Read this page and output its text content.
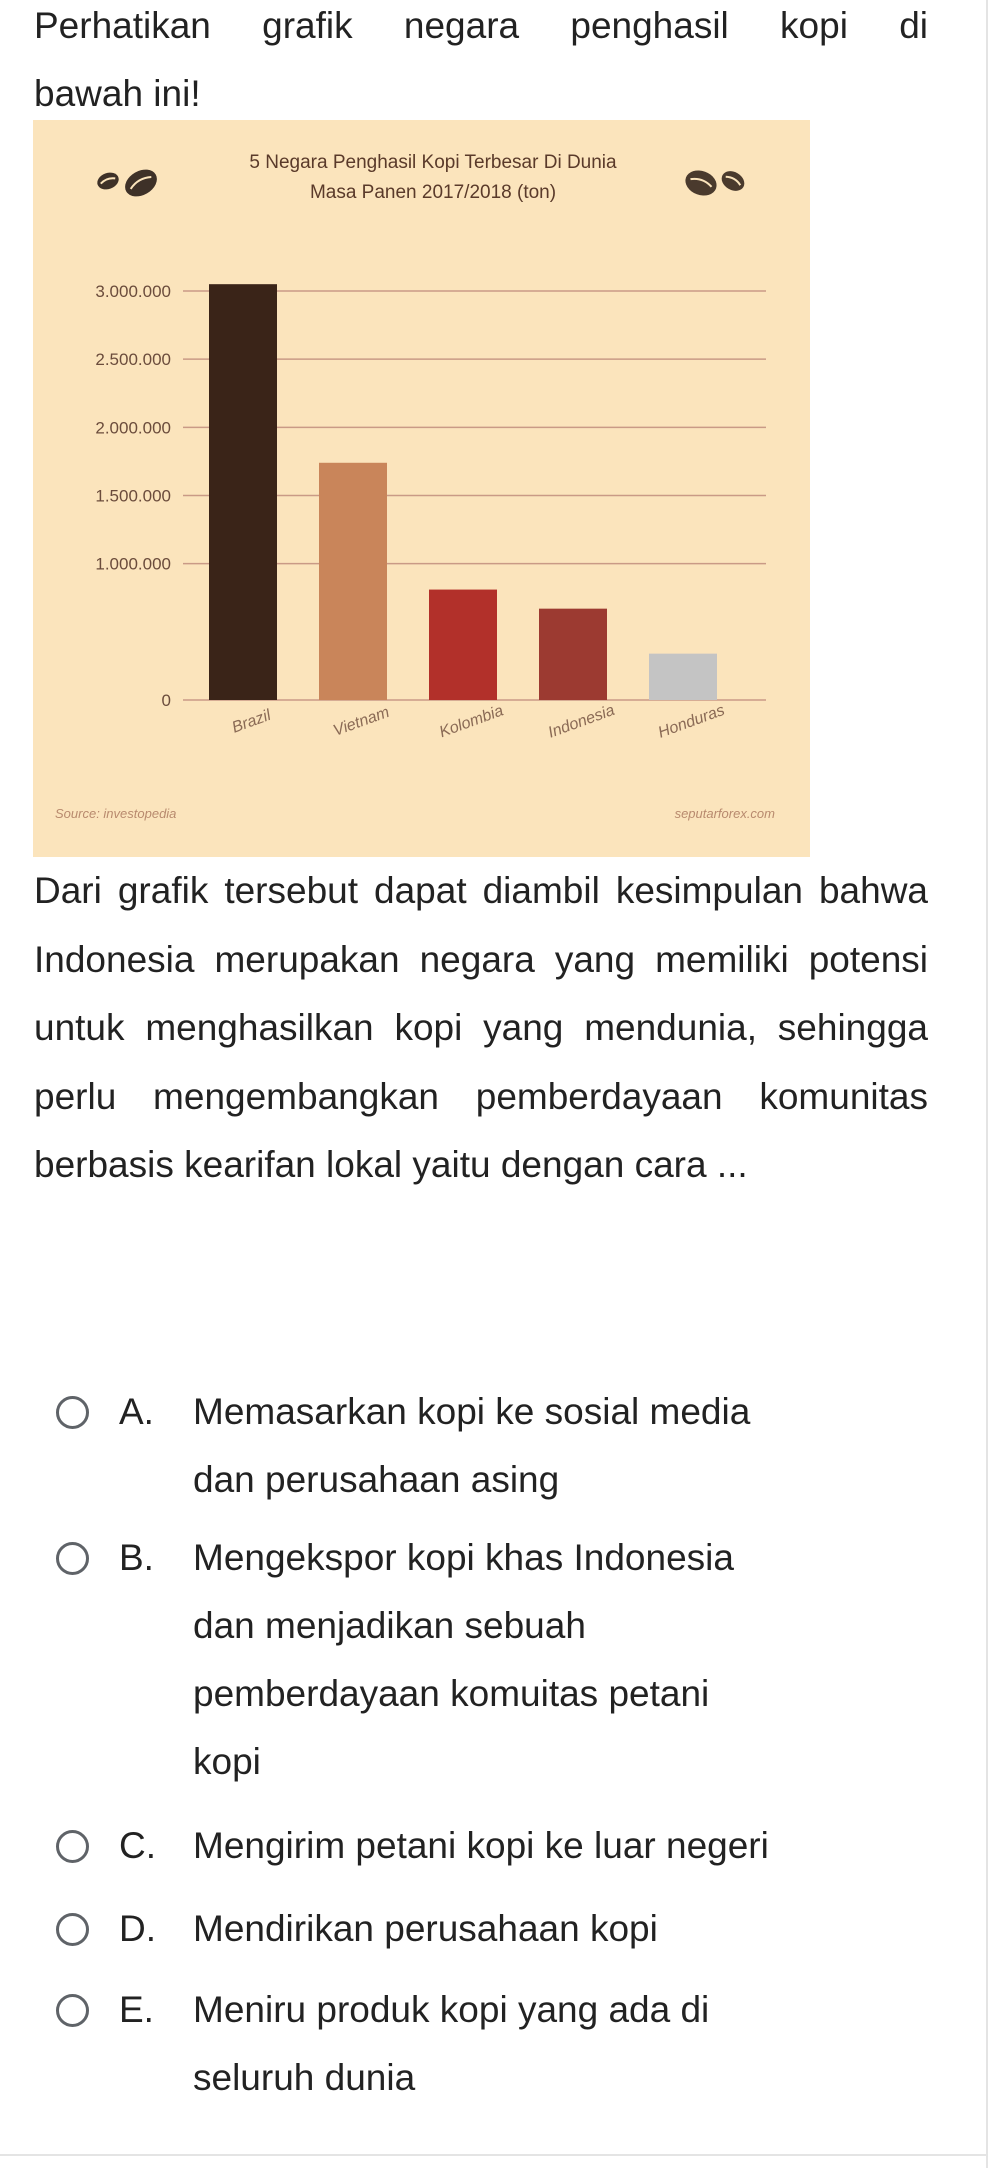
Perhatikan grafik negara penghasil kopi di
bawah ini!

5 Negara Penghasil Kopi Terbesar Di Dunia
Masa Panen 2017/2018 (ton)
0
1.000.000
1.500.000
2.000.000
2.500.000
3.000.000
Brazil	Vietnam	Kolombia	Indonesia Honduras
Source: investopedia	seputarforex.com

Dari grafik tersebut dapat diambil kesimpulan bahwa Indonesia merupakan negara yang memiliki potensi untuk menghasilkan kopi yang mendunia, sehingga perlu mengembangkan pemberdayaan komunitas berbasis kearifan lokal yaitu dengan cara ...

A. Memasarkan kopi ke sosial media
dan perusahaan asing
B. Mengekspor kopi khas Indonesia
dan menjadikan sebuah
pemberdayaan komuitas petani
kopi
C. Mengirim petani kopi ke luar negeri
D. Mendirikan perusahaan kopi
E. Meniru produk kopi yang ada di
seluruh dunia
